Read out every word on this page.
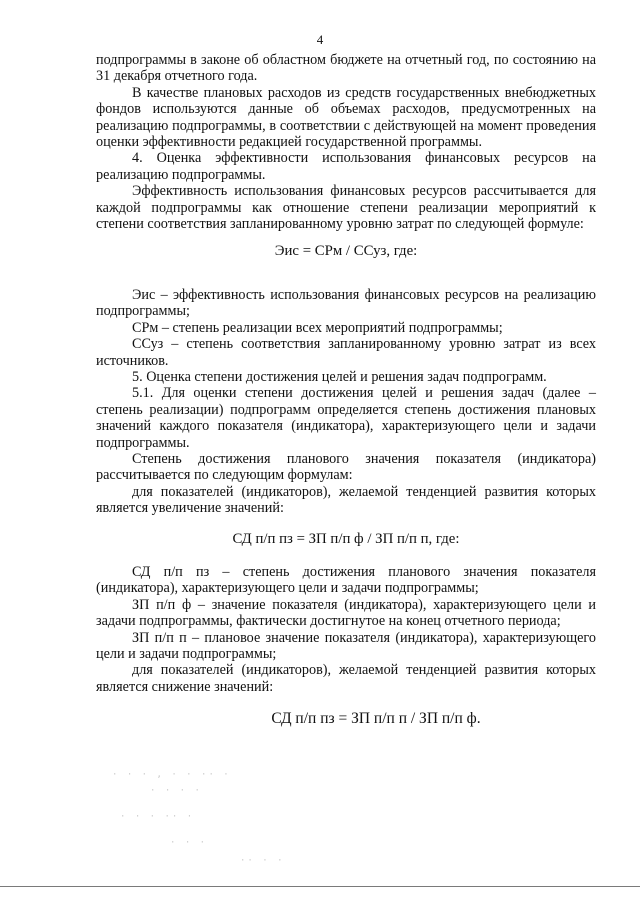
4

подпрограммы в законе об областном бюджете на отчетный год, по состоянию на 31 декабря отчетного года.

В качестве плановых расходов из средств государственных внебюджетных фондов используются данные об объемах расходов, предусмотренных на реализацию подпрограммы, в соответствии с действующей на момент проведения оценки эффективности редакцией государственной программы.

4. Оценка эффективности использования финансовых ресурсов на реализацию подпрограммы.

Эффективность использования финансовых ресурсов рассчитывается для каждой подпрограммы как отношение степени реализации мероприятий к степени соответствия запланированному уровню затрат по следующей формуле:

Эис = СРм / ССуз, где:

Эис – эффективность использования финансовых ресурсов на реализацию подпрограммы;

СРм – степень реализации всех мероприятий подпрограммы;

ССуз – степень соответствия запланированному уровню затрат из всех источников.

5. Оценка степени достижения целей и решения задач подпрограмм.

5.1. Для оценки степени достижения целей и решения задач (далее – степень реализации) подпрограмм определяется степень достижения плановых значений каждого показателя (индикатора), характеризующего цели и задачи подпрограммы.

Степень достижения планового значения показателя (индикатора) рассчитывается по следующим формулам:

для показателей (индикаторов), желаемой тенденцией развития которых является увеличение значений:

СД п/п пз = ЗП п/п ф / ЗП п/п п, где:

СД п/п пз – степень достижения планового значения показателя (индикатора), характеризующего цели и задачи подпрограммы;

ЗП п/п ф – значение показателя (индикатора), характеризующего цели и задачи подпрограммы, фактически достигнутое на конец отчетного периода;

ЗП п/п п – плановое значение показателя (индикатора), характеризующего цели и задачи подпрограммы;

для показателей (индикаторов), желаемой тенденцией развития которых является снижение значений:

СД п/п пз = ЗП п/п п / ЗП п/п ф.

· · · ‚ · · ·· ·
· · · ·
· · · ·· ·
· · ·
·· · ·
